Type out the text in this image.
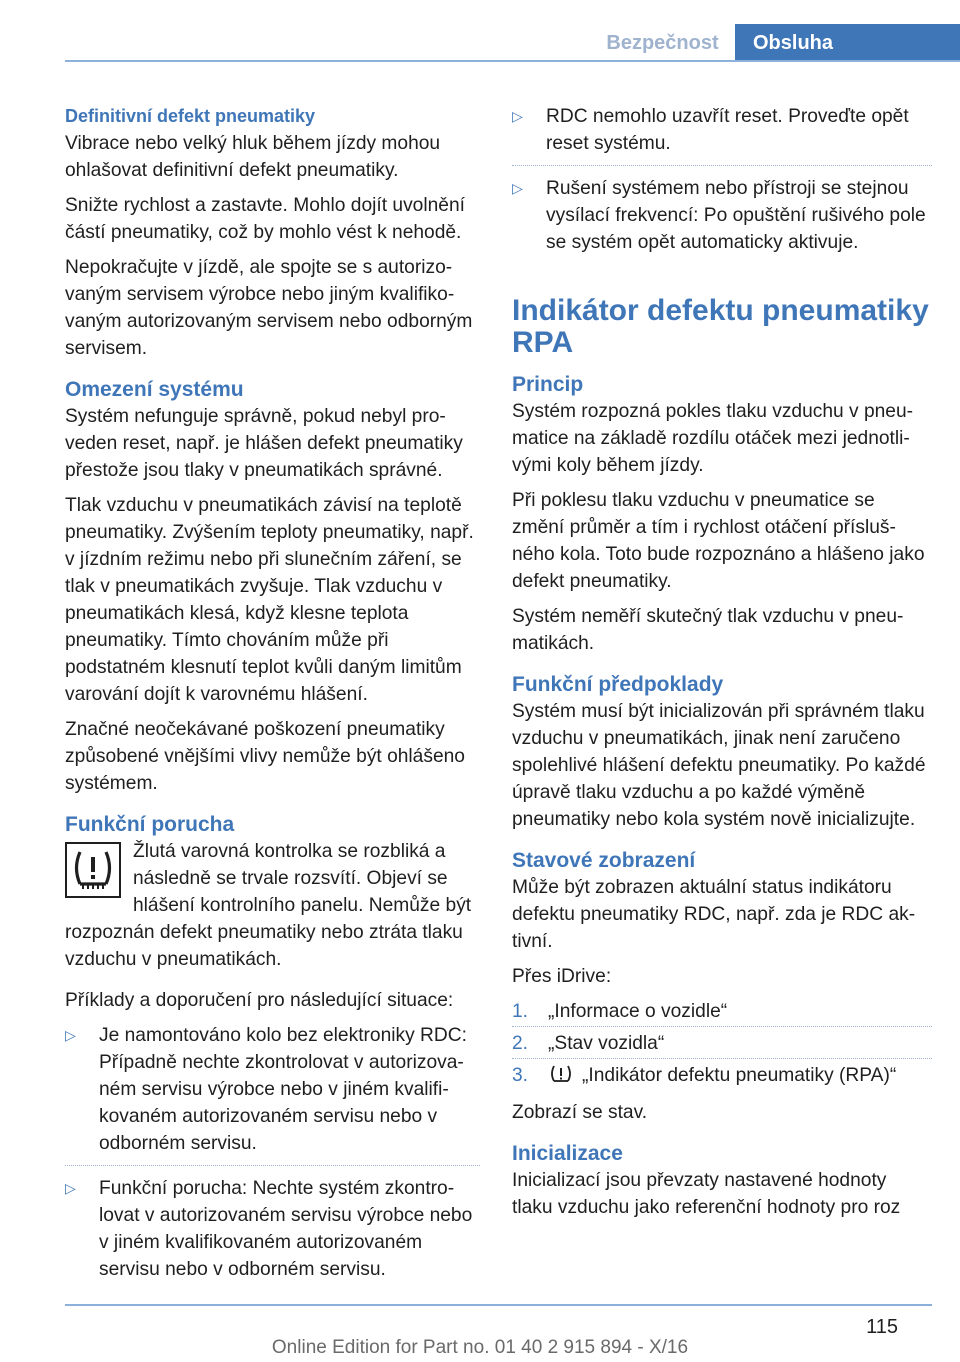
Bezpečnost	Obsluha
Definitivní defekt pneumatiky

Vibrace nebo velký hluk během jízdy mohou ohlašovat definitivní defekt pneumatiky.

Snižte rychlost a zastavte. Mohlo dojít uvolnění částí pneumatiky, což by mohlo vést k nehodě.

Nepokračujte v jízdě, ale spojte se s autorizovaným servisem výrobce nebo jiným kvalifikovaným autorizovaným servisem nebo odborným servisem.

Omezení systému

Systém nefunguje správně, pokud nebyl proveden reset, např. je hlášen defekt pneumatiky přestože jsou tlaky v pneumatikách správné.

Tlak vzduchu v pneumatikách závisí na teplotě pneumatiky. Zvýšením teploty pneumatiky, např. v jízdním režimu nebo při slunečním záření, se tlak v pneumatikách zvyšuje. Tlak vzduchu v pneumatikách klesá, když klesne teplota pneumatiky. Tímto chováním může při podstatném klesnutí teplot kvůli daným limitům varování dojít k varovnému hlášení.

Značné neočekávané poškození pneumatiky způsobené vnějšími vlivy nemůže být ohlášeno systémem.

Funkční porucha

Žlutá varovná kontrolka se rozbliká a následně se trvale rozsvítí. Objeví se hlášení kontrolního panelu. Nemůže být rozpoznán defekt pneumatiky nebo ztráta tlaku vzduchu v pneumatikách.

Příklady a doporučení pro následující situace:

▷ Je namontováno kolo bez elektroniky RDC: Případně nechte zkontrolovat v autorizovaném servisu výrobce nebo v jiném kvalifikovaném autorizovaném servisu nebo v odborném servisu.
▷ Funkční porucha: Nechte systém zkontrolovat v autorizovaném servisu výrobce nebo v jiném kvalifikovaném autorizovaném servisu nebo v odborném servisu.
▷ RDC nemohlo uzavřít reset. Proveďte opět reset systému.
▷ Rušení systémem nebo přístroji se stejnou vysílací frekvencí: Po opuštění rušivého pole se systém opět automaticky aktivuje.
Indikátor defektu pneumatiky RPA
Princip

Systém rozpozná pokles tlaku vzduchu v pneumatice na základě rozdílu otáček mezi jednotlivými koly během jízdy.

Při poklesu tlaku vzduchu v pneumatice se změní průměr a tím i rychlost otáčení příslušného kola. Toto bude rozpoznáno a hlášeno jako defekt pneumatiky.

Systém neměří skutečný tlak vzduchu v pneumatikách.

Funkční předpoklady

Systém musí být inicializován při správném tlaku vzduchu v pneumatikách, jinak není zaručeno spolehlivé hlášení defektu pneumatiky. Po každé úpravě tlaku vzduchu a po každé výměně pneumatiky nebo kola systém nově inicializujte.

Stavové zobrazení

Může být zobrazen aktuální status indikátoru defektu pneumatiky RDC, např. zda je RDC aktivní.

Přes iDrive:

1. „Informace o vozidle“
2. „Stav vozidla“
3.	„Indikátor defektu pneumatiky (RPA)“

Zobrazí se stav.

Inicializace

Inicializací jsou převzaty nastavené hodnoty tlaku vzduchu jako referenční hodnoty pro roz

115
Online Edition for Part no. 01 40 2 915 894 - X/16
